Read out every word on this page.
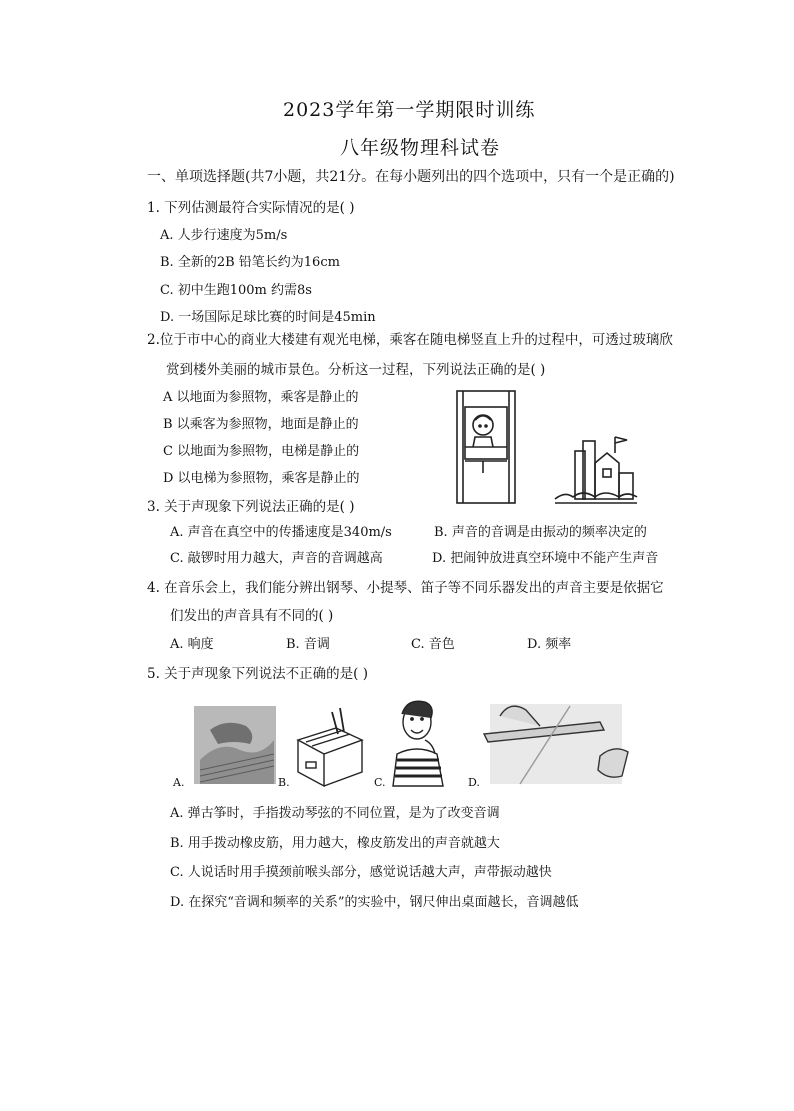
2023学年第一学期限时训练
八年级物理科试卷
一、单项选择题(共7小题，共21分。在每小题列出的四个选项中，只有一个是正确的)
1. 下列估测最符合实际情况的是( )
A. 人步行速度为5m/s
B. 全新的2B 铅笔长约为16cm
C. 初中生跑100m 约需8s
D. 一场国际足球比赛的时间是45min
2.位于市中心的商业大楼建有观光电梯，乘客在随电梯竖直上升的过程中，可透过玻璃欣
赏到楼外美丽的城市景色。分析这一过程，下列说法正确的是( )
A 以地面为参照物，乘客是静止的
B 以乘客为参照物，地面是静止的
C 以地面为参照物，电梯是静止的
D 以电梯为参照物，乘客是静止的
3. 关于声现象下列说法正确的是( )
A. 声音在真空中的传播速度是340m/s	B. 声音的音调是由振动的频率决定的
C. 敲锣时用力越大，声音的音调越高	D. 把闹钟放进真空环境中不能产生声音
4. 在音乐会上，我们能分辨出钢琴、小提琴、笛子等不同乐器发出的声音主要是依据它
们发出的声音具有不同的( )
A. 响度	B. 音调	C. 音色	D. 频率
5. 关于声现象下列说法不正确的是( )
A.	B.	C.	D.
A. 弹古筝时，手指拨动琴弦的不同位置，是为了改变音调
B. 用手拨动橡皮筋，用力越大，橡皮筋发出的声音就越大
C. 人说话时用手摸颈前喉头部分，感觉说话越大声，声带振动越快
D. 在探究“音调和频率的关系”的实验中，钢尺伸出桌面越长，音调越低
